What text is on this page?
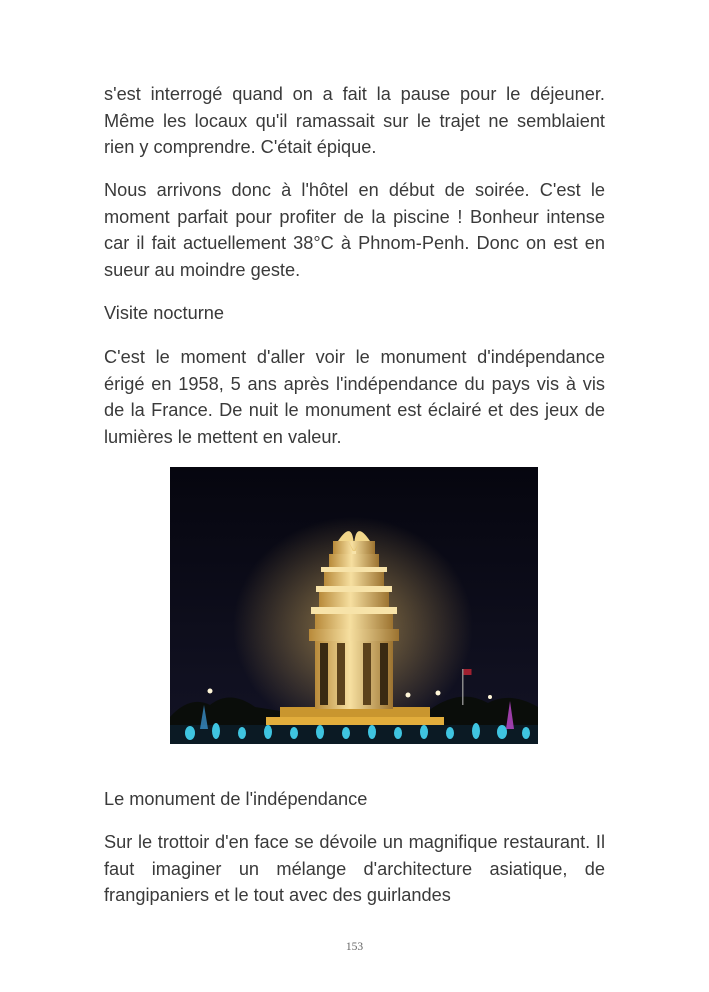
s'est interrogé quand on a fait la pause pour le déjeuner. Même les locaux qu'il ramassait sur le trajet ne semblaient rien y comprendre. C'était épique.

Nous arrivons donc à l'hôtel en début de soirée. C'est le moment parfait pour profiter de la piscine ! Bonheur intense car il fait actuellement 38°C à Phnom-Penh. Donc on est en sueur au moindre geste.

Visite nocturne

C'est le moment d'aller voir le monument d'indépendance érigé en 1958, 5 ans après l'indépendance du pays vis à vis de la France. De nuit le monument est éclairé et des jeux de lumières le mettent en valeur.

Le monument de l'indépendance

Sur le trottoir d'en face se dévoile un magnifique restaurant. Il faut imaginer un mélange d'architecture asiatique, de frangipaniers et le tout avec des guirlandes

153
